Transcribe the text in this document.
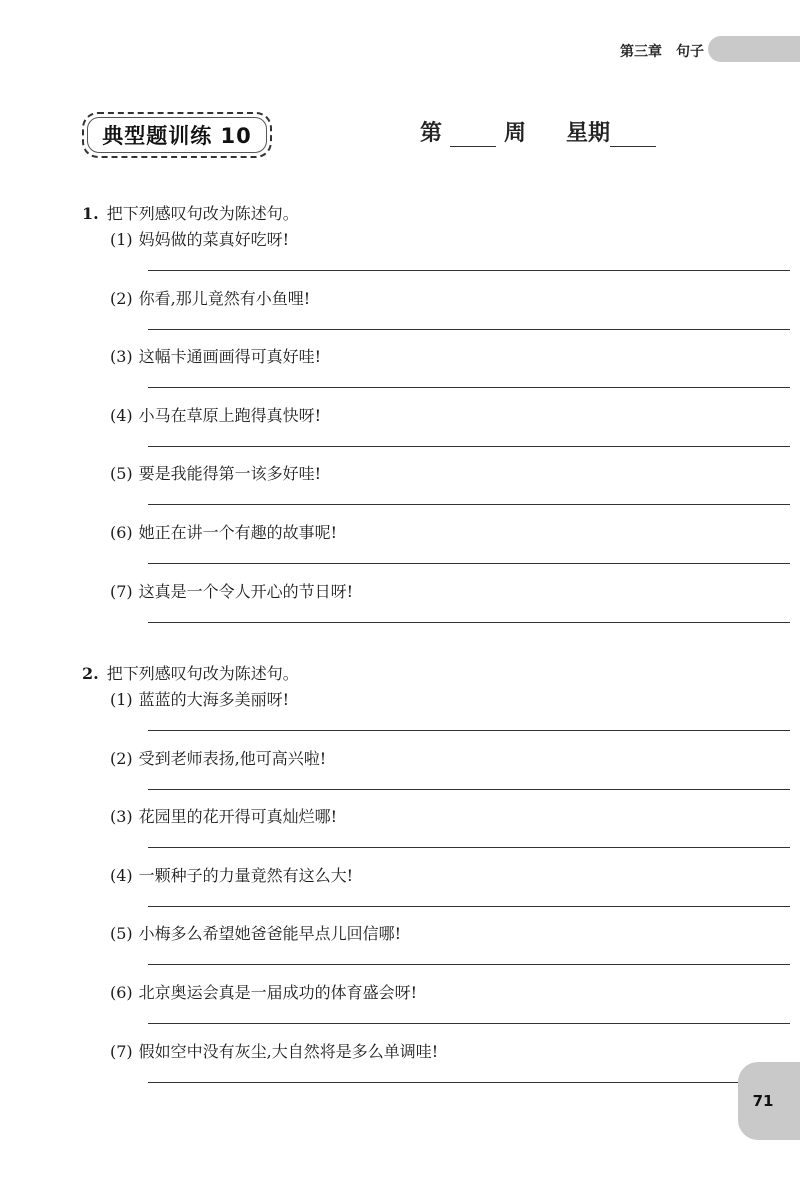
第三章　句子
典型题训练 10	第	周 星期
1. 把下列感叹句改为陈述句。
(1) 妈妈做的菜真好吃呀!
(2) 你看,那儿竟然有小鱼哩!
(3) 这幅卡通画画得可真好哇!
(4) 小马在草原上跑得真快呀!
(5) 要是我能得第一该多好哇!
(6) 她正在讲一个有趣的故事呢!
(7) 这真是一个令人开心的节日呀!
2. 把下列感叹句改为陈述句。
(1) 蓝蓝的大海多美丽呀!
(2) 受到老师表扬,他可高兴啦!
(3) 花园里的花开得可真灿烂哪!
(4) 一颗种子的力量竟然有这么大!
(5) 小梅多么希望她爸爸能早点儿回信哪!
(6) 北京奥运会真是一届成功的体育盛会呀!
(7) 假如空中没有灰尘,大自然将是多么单调哇!
71
